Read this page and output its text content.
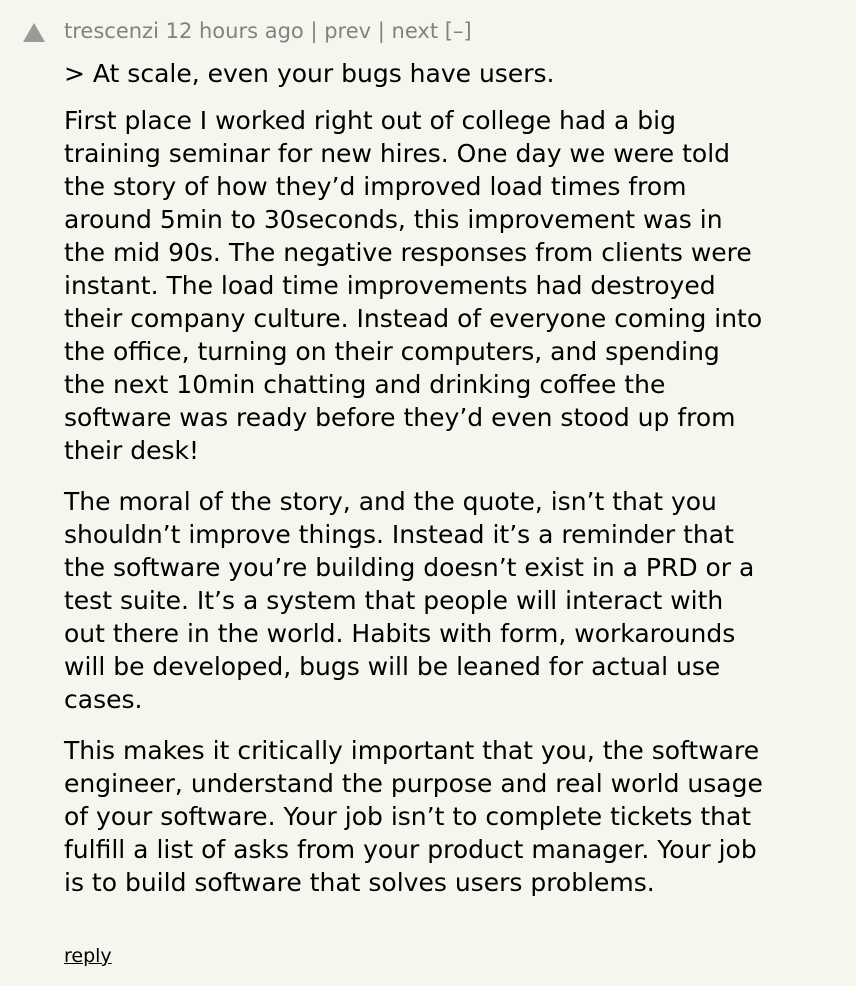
trescenzi 12 hours ago | prev | next [–]

> At scale, even your bugs have users.

First place I worked right out of college had a big training seminar for new hires. One day we were told the story of how they’d improved load times from around 5min to 30seconds, this improvement was in the mid 90s. The negative responses from clients were instant. The load time improvements had destroyed their company culture. Instead of everyone coming into the office, turning on their computers, and spending the next 10min chatting and drinking coffee the software was ready before they’d even stood up from their desk!

The moral of the story, and the quote, isn’t that you shouldn’t improve things. Instead it’s a reminder that the software you’re building doesn’t exist in a PRD or a test suite. It’s a system that people will interact with out there in the world. Habits with form, workarounds will be developed, bugs will be leaned for actual use cases.

This makes it critically important that you, the software engineer, understand the purpose and real world usage of your software. Your job isn’t to complete tickets that fulfill a list of asks from your product manager. Your job is to build software that solves users problems.

reply
